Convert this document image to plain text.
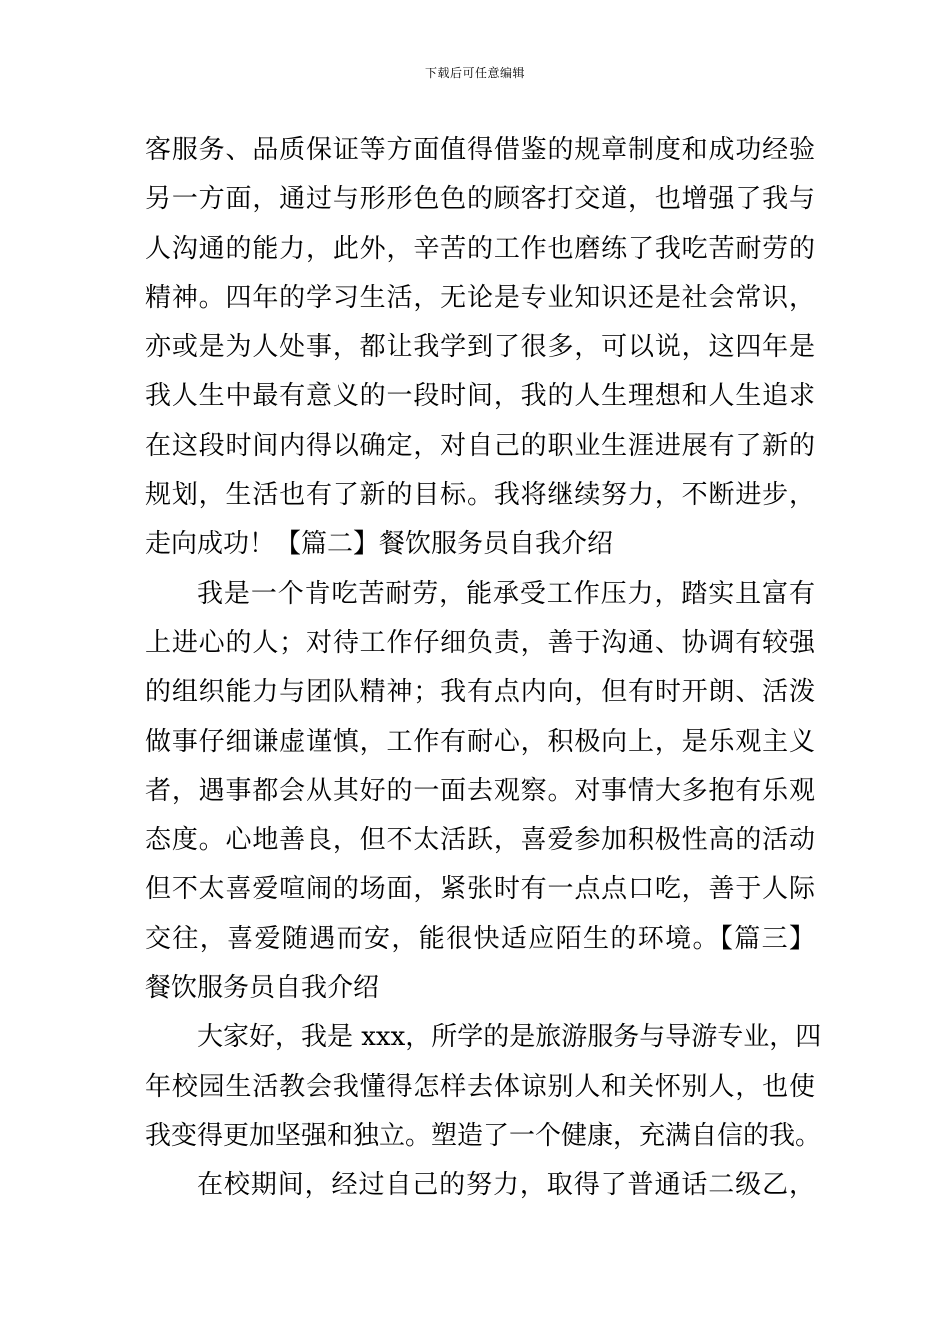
下载后可任意编辑
客服务、品质保证等方面值得借鉴的规章制度和成功经验
另一方面，通过与形形色色的顾客打交道，也增强了我与
人沟通的能力，此外，辛苦的工作也磨练了我吃苦耐劳的
精神。四年的学习生活，无论是专业知识还是社会常识，
亦或是为人处事，都让我学到了很多，可以说，这四年是
我人生中最有意义的一段时间，我的人生理想和人生追求
在这段时间内得以确定，对自己的职业生涯进展有了新的
规划，生活也有了新的目标。我将继续努力，不断进步，
走向成功！【篇二】餐饮服务员自我介绍
我是一个肯吃苦耐劳，能承受工作压力，踏实且富有
上进心的人；对待工作仔细负责，善于沟通、协调有较强
的组织能力与团队精神；我有点内向，但有时开朗、活泼
做事仔细谦虚谨慎，工作有耐心，积极向上，是乐观主义
者，遇事都会从其好的一面去观察。对事情大多抱有乐观
态度。心地善良，但不太活跃，喜爱参加积极性高的活动
但不太喜爱喧闹的场面，紧张时有一点点口吃，善于人际
交往，喜爱随遇而安，能很快适应陌生的环境。【篇三】
餐饮服务员自我介绍
大家好，我是 xxx，所学的是旅游服务与导游专业，四
年校园生活教会我懂得怎样去体谅别人和关怀别人，也使
我变得更加坚强和独立。塑造了一个健康，充满自信的我。
在校期间，经过自己的努力，取得了普通话二级乙，
